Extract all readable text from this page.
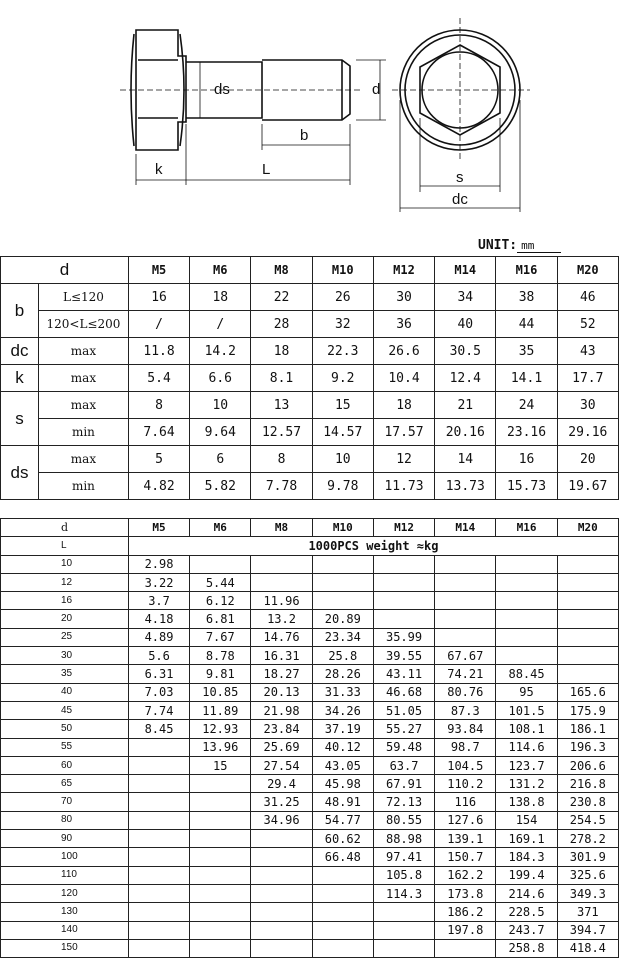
ds	d
b
k	L	s
dc
UNIT: mm
d		M5	M6	M8	M10	M12	M14	M16	M20
b	L≤120	16	18	22	26	30	34	38	46
	120<L≤200	/	/	28	32	36	40	44	52
dc	max	11.8	14.2	18	22.3	26.6	30.5	35	43
k	max	5.4	6.6	8.1	9.2	10.4	12.4	14.1	17.7
s	max	8	10	13	15	18	21	24	30
	min	7.64	9.64	12.57	14.57	17.57	20.16	23.16	29.16
ds	max	5	6	8	10	12	14	16	20
	min	4.82	5.82	7.78	9.78	11.73	13.73	15.73	19.67
d	M5	M6	M8	M10	M12	M14	M16	M20
L	1000PCS weight ≈kg							
10	2.98							
12	3.22	5.44						
16	3.7	6.12	11.96					
20	4.18	6.81	13.2	20.89				
25	4.89	7.67	14.76	23.34	35.99			
30	5.6	8.78	16.31	25.8	39.55	67.67		
35	6.31	9.81	18.27	28.26	43.11	74.21	88.45	
40	7.03	10.85	20.13	31.33	46.68	80.76	95	165.6
45	7.74	11.89	21.98	34.26	51.05	87.3	101.5	175.9
50	8.45	12.93	23.84	37.19	55.27	93.84	108.1	186.1
55		13.96	25.69	40.12	59.48	98.7	114.6	196.3
60		15	27.54	43.05	63.7	104.5	123.7	206.6
65			29.4	45.98	67.91	110.2	131.2	216.8
70			31.25	48.91	72.13	116	138.8	230.8
80			34.96	54.77	80.55	127.6	154	254.5
90				60.62	88.98	139.1	169.1	278.2
100				66.48	97.41	150.7	184.3	301.9
110					105.8	162.2	199.4	325.6
120					114.3	173.8	214.6	349.3
130						186.2	228.5	371
140						197.8	243.7	394.7
150							258.8	418.4
